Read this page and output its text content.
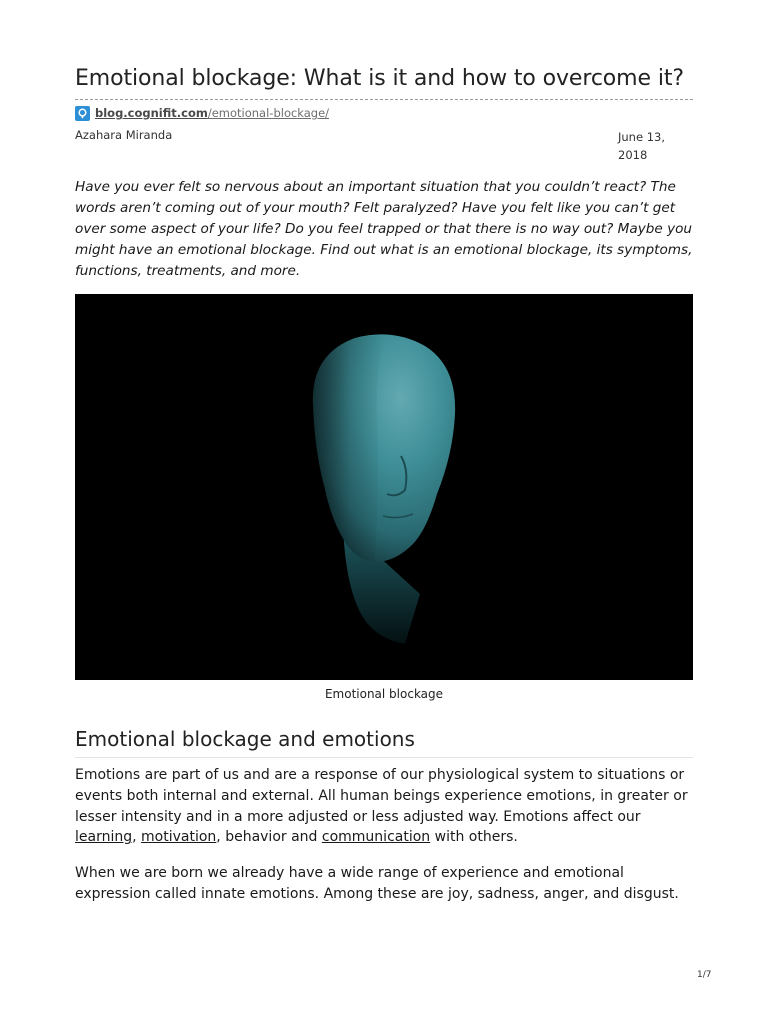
Emotional blockage: What is it and how to overcome it?
blog.cognifit.com /emotional-blockage/
Azahara Miranda	June 13, 2018

Have you ever felt so nervous about an important situation that you couldn’t react? The words aren’t coming out of your mouth? Felt paralyzed? Have you felt like you can’t get over some aspect of your life? Do you feel trapped or that there is no way out? Maybe you might have an emotional blockage. Find out what is an emotional blockage, its symptoms, functions, treatments, and more.

Emotional blockage
Emotional blockage and emotions

Emotions are part of us and are a response of our physiological system to situations or events both internal and external. All human beings experience emotions, in greater or lesser intensity and in a more adjusted or less adjusted way. Emotions affect our learning, motivation, behavior and communication with others.

When we are born we already have a wide range of experience and emotional expression called innate emotions. Among these are joy, sadness, anger, and disgust.

1/7
